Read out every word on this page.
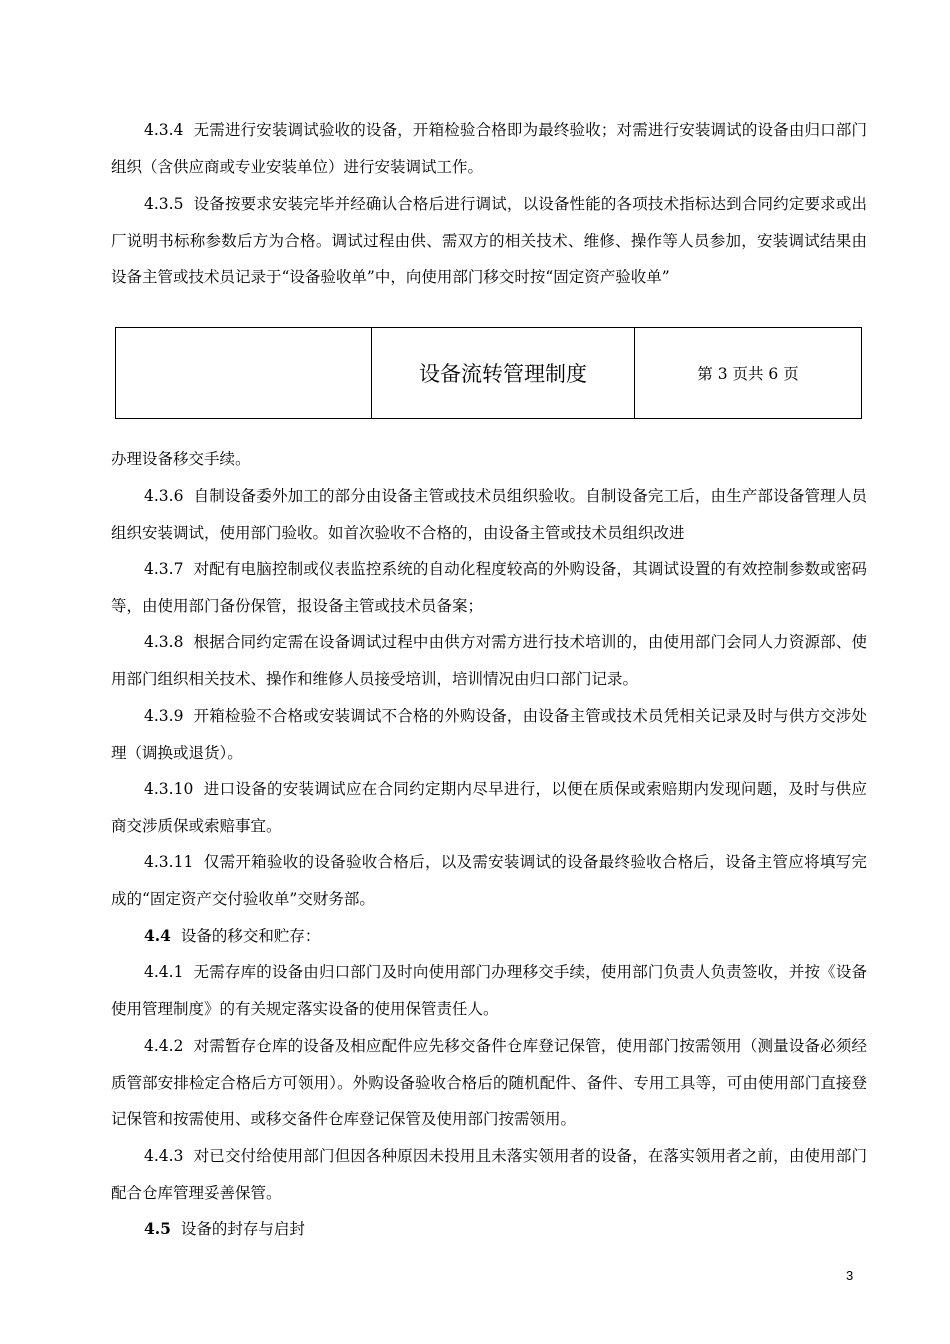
4.3.4 无需进行安装调试验收的设备，开箱检验合格即为最终验收；对需进行安装调试的设备由归口部门组织（含供应商或专业安装单位）进行安装调试工作。

4.3.5 设备按要求安装完毕并经确认合格后进行调试，以设备性能的各项技术指标达到合同约定要求或出厂说明书标称参数后方为合格。调试过程由供、需双方的相关技术、维修、操作等人员参加，安装调试结果由设备主管或技术员记录于“设备验收单”中，向使用部门移交时按“固定资产验收单”

设备流转管理制度	第 3 页共 6 页

办理设备移交手续。

4.3.6 自制设备委外加工的部分由设备主管或技术员组织验收。自制设备完工后，由生产部设备管理人员组织安装调试，使用部门验收。如首次验收不合格的，由设备主管或技术员组织改进

4.3.7 对配有电脑控制或仪表监控系统的自动化程度较高的外购设备，其调试设置的有效控制参数或密码等，由使用部门备份保管，报设备主管或技术员备案；

4.3.8 根据合同约定需在设备调试过程中由供方对需方进行技术培训的，由使用部门会同人力资源部、使用部门组织相关技术、操作和维修人员接受培训，培训情况由归口部门记录。

4.3.9 开箱检验不合格或安装调试不合格的外购设备，由设备主管或技术员凭相关记录及时与供方交涉处理（调换或退货）。

4.3.10 进口设备的安装调试应在合同约定期内尽早进行，以便在质保或索赔期内发现问题，及时与供应商交涉质保或索赔事宜。

4.3.11 仅需开箱验收的设备验收合格后，以及需安装调试的设备最终验收合格后，设备主管应将填写完成的“固定资产交付验收单”交财务部。

4.4 设备的移交和贮存：

4.4.1 无需存库的设备由归口部门及时向使用部门办理移交手续，使用部门负责人负责签收，并按《设备使用管理制度》的有关规定落实设备的使用保管责任人。

4.4.2 对需暂存仓库的设备及相应配件应先移交备件仓库登记保管，使用部门按需领用（测量设备必须经质管部安排检定合格后方可领用）。外购设备验收合格后的随机配件、备件、专用工具等，可由使用部门直接登记保管和按需使用、或移交备件仓库登记保管及使用部门按需领用。

4.4.3 对已交付给使用部门但因各种原因未投用且未落实领用者的设备，在落实领用者之前，由使用部门配合仓库管理妥善保管。

4.5 设备的封存与启封

3
